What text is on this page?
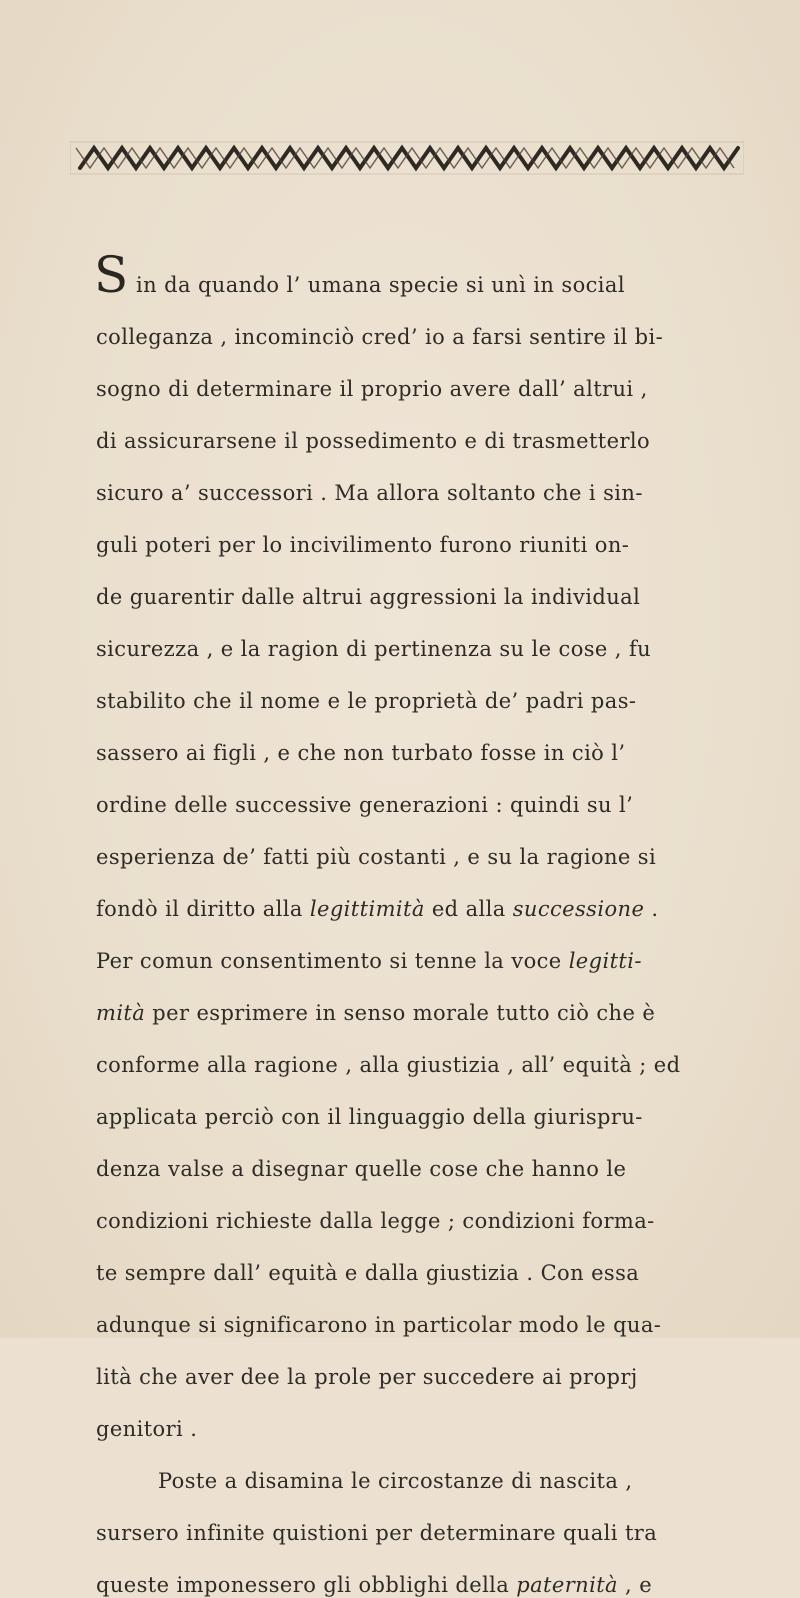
S in da quando l’ umana specie si unì in social
colleganza , incominciò cred’ io a farsi sentire il bi-
sogno di determinare il proprio avere dall’ altrui ,
di assicurarsene il possedimento e di trasmetterlo
sicuro a’ successori . Ma allora soltanto che i sin-
guli poteri per lo incivilimento furono riuniti on-
de guarentir dalle altrui aggressioni la individual
sicurezza , e la ragion di pertinenza su le cose , fu
stabilito che il nome e le proprietà de’ padri pas-
sassero ai figli , e che non turbato fosse in ciò l’
ordine delle successive generazioni : quindi su l’
esperienza de’ fatti più costanti , e su la ragione si
fondò il diritto alla legittimità ed alla successione .
Per comun consentimento si tenne la voce legitti-
mità per esprimere in senso morale tutto ciò che è
conforme alla ragione , alla giustizia , all’ equità ; ed
applicata perciò con il linguaggio della giurispru-
denza valse a disegnar quelle cose che hanno le
condizioni richieste dalla legge ; condizioni forma-
te sempre dall’ equità e dalla giustizia . Con essa
adunque si significarono in particolar modo le qua-
lità che aver dee la prole per succedere ai proprj
genitori .
Poste a disamina le circostanze di nascita ,
sursero infinite quistioni per determinare quali tra
queste imponessero gli obblighi della paternità , e
